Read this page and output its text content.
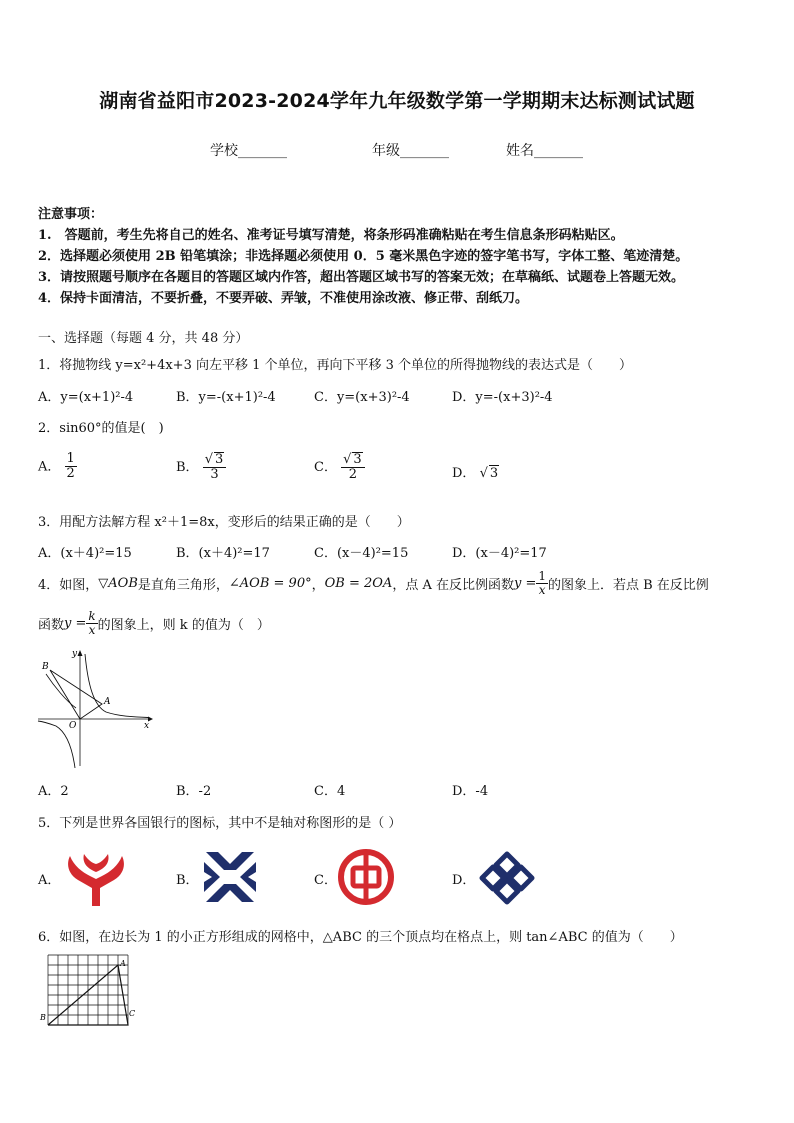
湖南省益阳市2023-2024学年九年级数学第一学期期末达标测试试题
学校_______	年级_______	姓名_______
注意事项：
1.　答题前，考生先将自己的姓名、准考证号填写清楚，将条形码准确粘贴在考生信息条形码粘贴区。
2．选择题必须使用 2B 铅笔填涂；非选择题必须使用 0．5 毫米黑色字迹的签字笔书写，字体工整、笔迹清楚。
3．请按照题号顺序在各题目的答题区域内作答，超出答题区域书写的答案无效；在草稿纸、试题卷上答题无效。
4．保持卡面清洁，不要折叠，不要弄破、弄皱，不准使用涂改液、修正带、刮纸刀。
一、选择题（每题 4 分，共 48 分）
1．将抛物线 y=x²+4x+3 向左平移 1 个单位，再向下平移 3 个单位的所得抛物线的表达式是（　　）
A．y=(x+1)²-4	B．y=-(x+1)²-4	C．y=(x+3)²-4	D．y=-(x+3)²-4
2．sin60°的值是(　)
A． $\frac{1}{2}$	B． $\frac{√ 3}{3}$	C． $\frac{√ 3}{2}$	D． √ 3
3．用配方法解方程 x²＋1=8x，变形后的结果正确的是（　　）
A．(x＋4)²=15	B．(x＋4)²=17	C．(x－4)²=15	D．(x－4)²=17
4．如图， ▽AOB 是直角三角形， ∠AOB = 90° ， OB = 2OA ，点 A 在反比例函数 $y = \frac{1}{x}$ 的图象上．若点 B 在反比例
函数 $y = \frac{k}{x}$ 的图象上，则 k 的值为（　）
B
A
O	x
y
A．2	B．-2	C．4	D．-4
5．下列是世界各国银行的图标，其中不是轴对称图形的是（ ）
A．	B．	C．	D．
6．如图，在边长为 1 的小正方形组成的网格中，△ABC 的三个顶点均在格点上，则 tan∠ABC 的值为（　　）
A
B	C
